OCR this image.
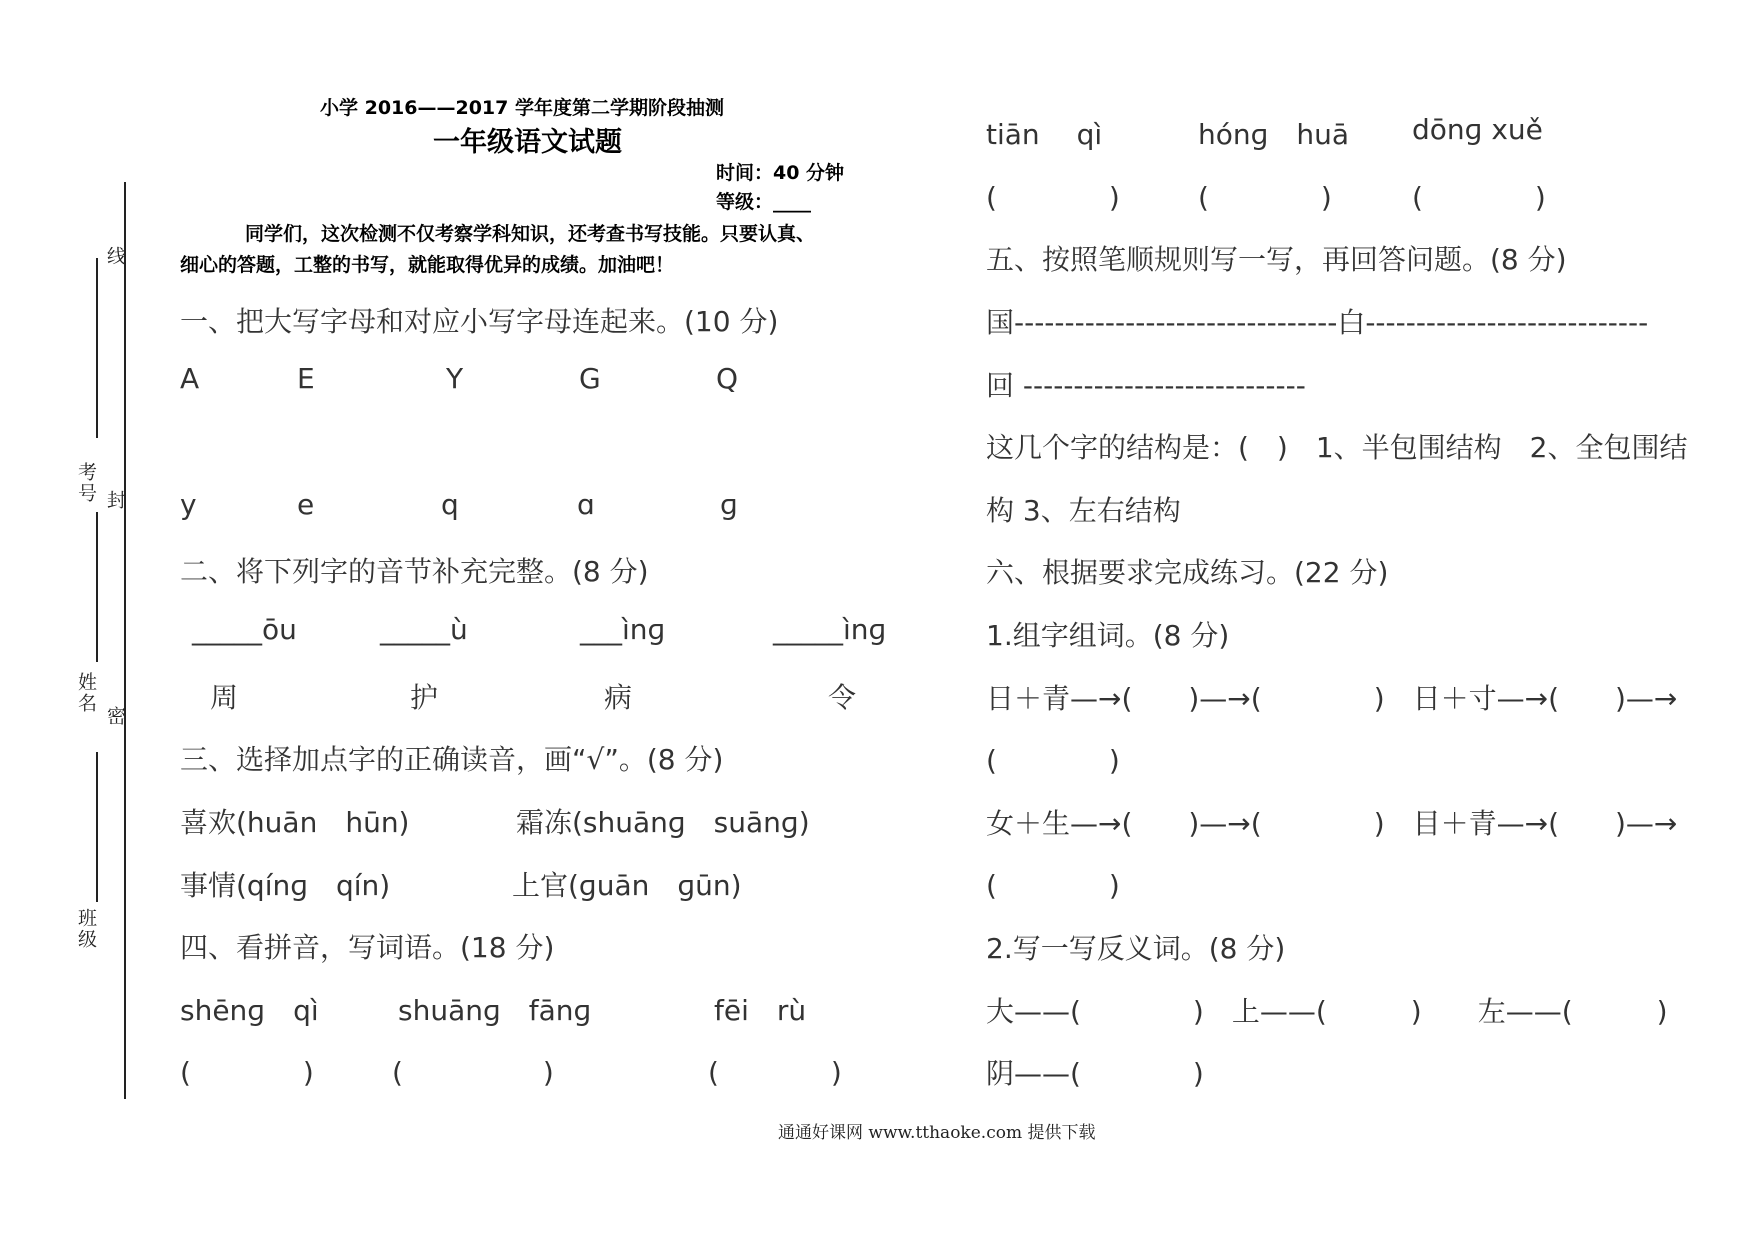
线
考号 封
姓名
密
班级
小学 2016——2017 学年度第二学期阶段抽测
一年级语文试题
时间：40 分钟
等级：____
同学们，这次检测不仅考察学科知识，还考查书写技能。只要认真、
细心的答题，工整的书写，就能取得优异的成绩。加油吧！
一、把大写字母和对应小写字母连起来。(10 分)
A	E	Y	G	Q
y	e	q	ɑ	ɡ
二、将下列字的音节补充完整。(8 分)
_____ōu	_____ù	___ìnɡ	_____ìnɡ
周	护	病	令
三、选择加点字的正确读音，画“√”。(8 分)
喜欢(huān　hūn)	霜冻(shuānɡ　suānɡ)
事情(qínɡ　qín)	上官(ɡuān　ɡūn)
四、看拼音，写词语。(18 分)
shēnɡ　qì	shuānɡ　fānɡ	fēi　rù
(　　　　)	(　　　　　)	(　　　　)
tiān　 qì	hónɡ　huā dōnɡ xuě
(　　　　)	(　　　　)	(　　　　)
五、按照笔顺规则写一写，再回答问题。(8 分)
国--------------------------------白----------------------------
回 ----------------------------
这几个字的结构是：(　)　1、半包围结构　2、全包围结
构 3、左右结构
六、根据要求完成练习。(22 分)
1.组字组词。(8 分)
日＋青—→(　　)—→(　　　　)　日＋寸—→(　　)—→
(　　　　)
女＋生—→(　　)—→(　　　　)　目＋青—→(　　)—→
(　　　　)
2.写一写反义词。(8 分)
大——(　　　　)　上——(　　　)　　左——(　　　)
阴——(　　　　)
通通好课网 www.tthaoke.com 提供下载
